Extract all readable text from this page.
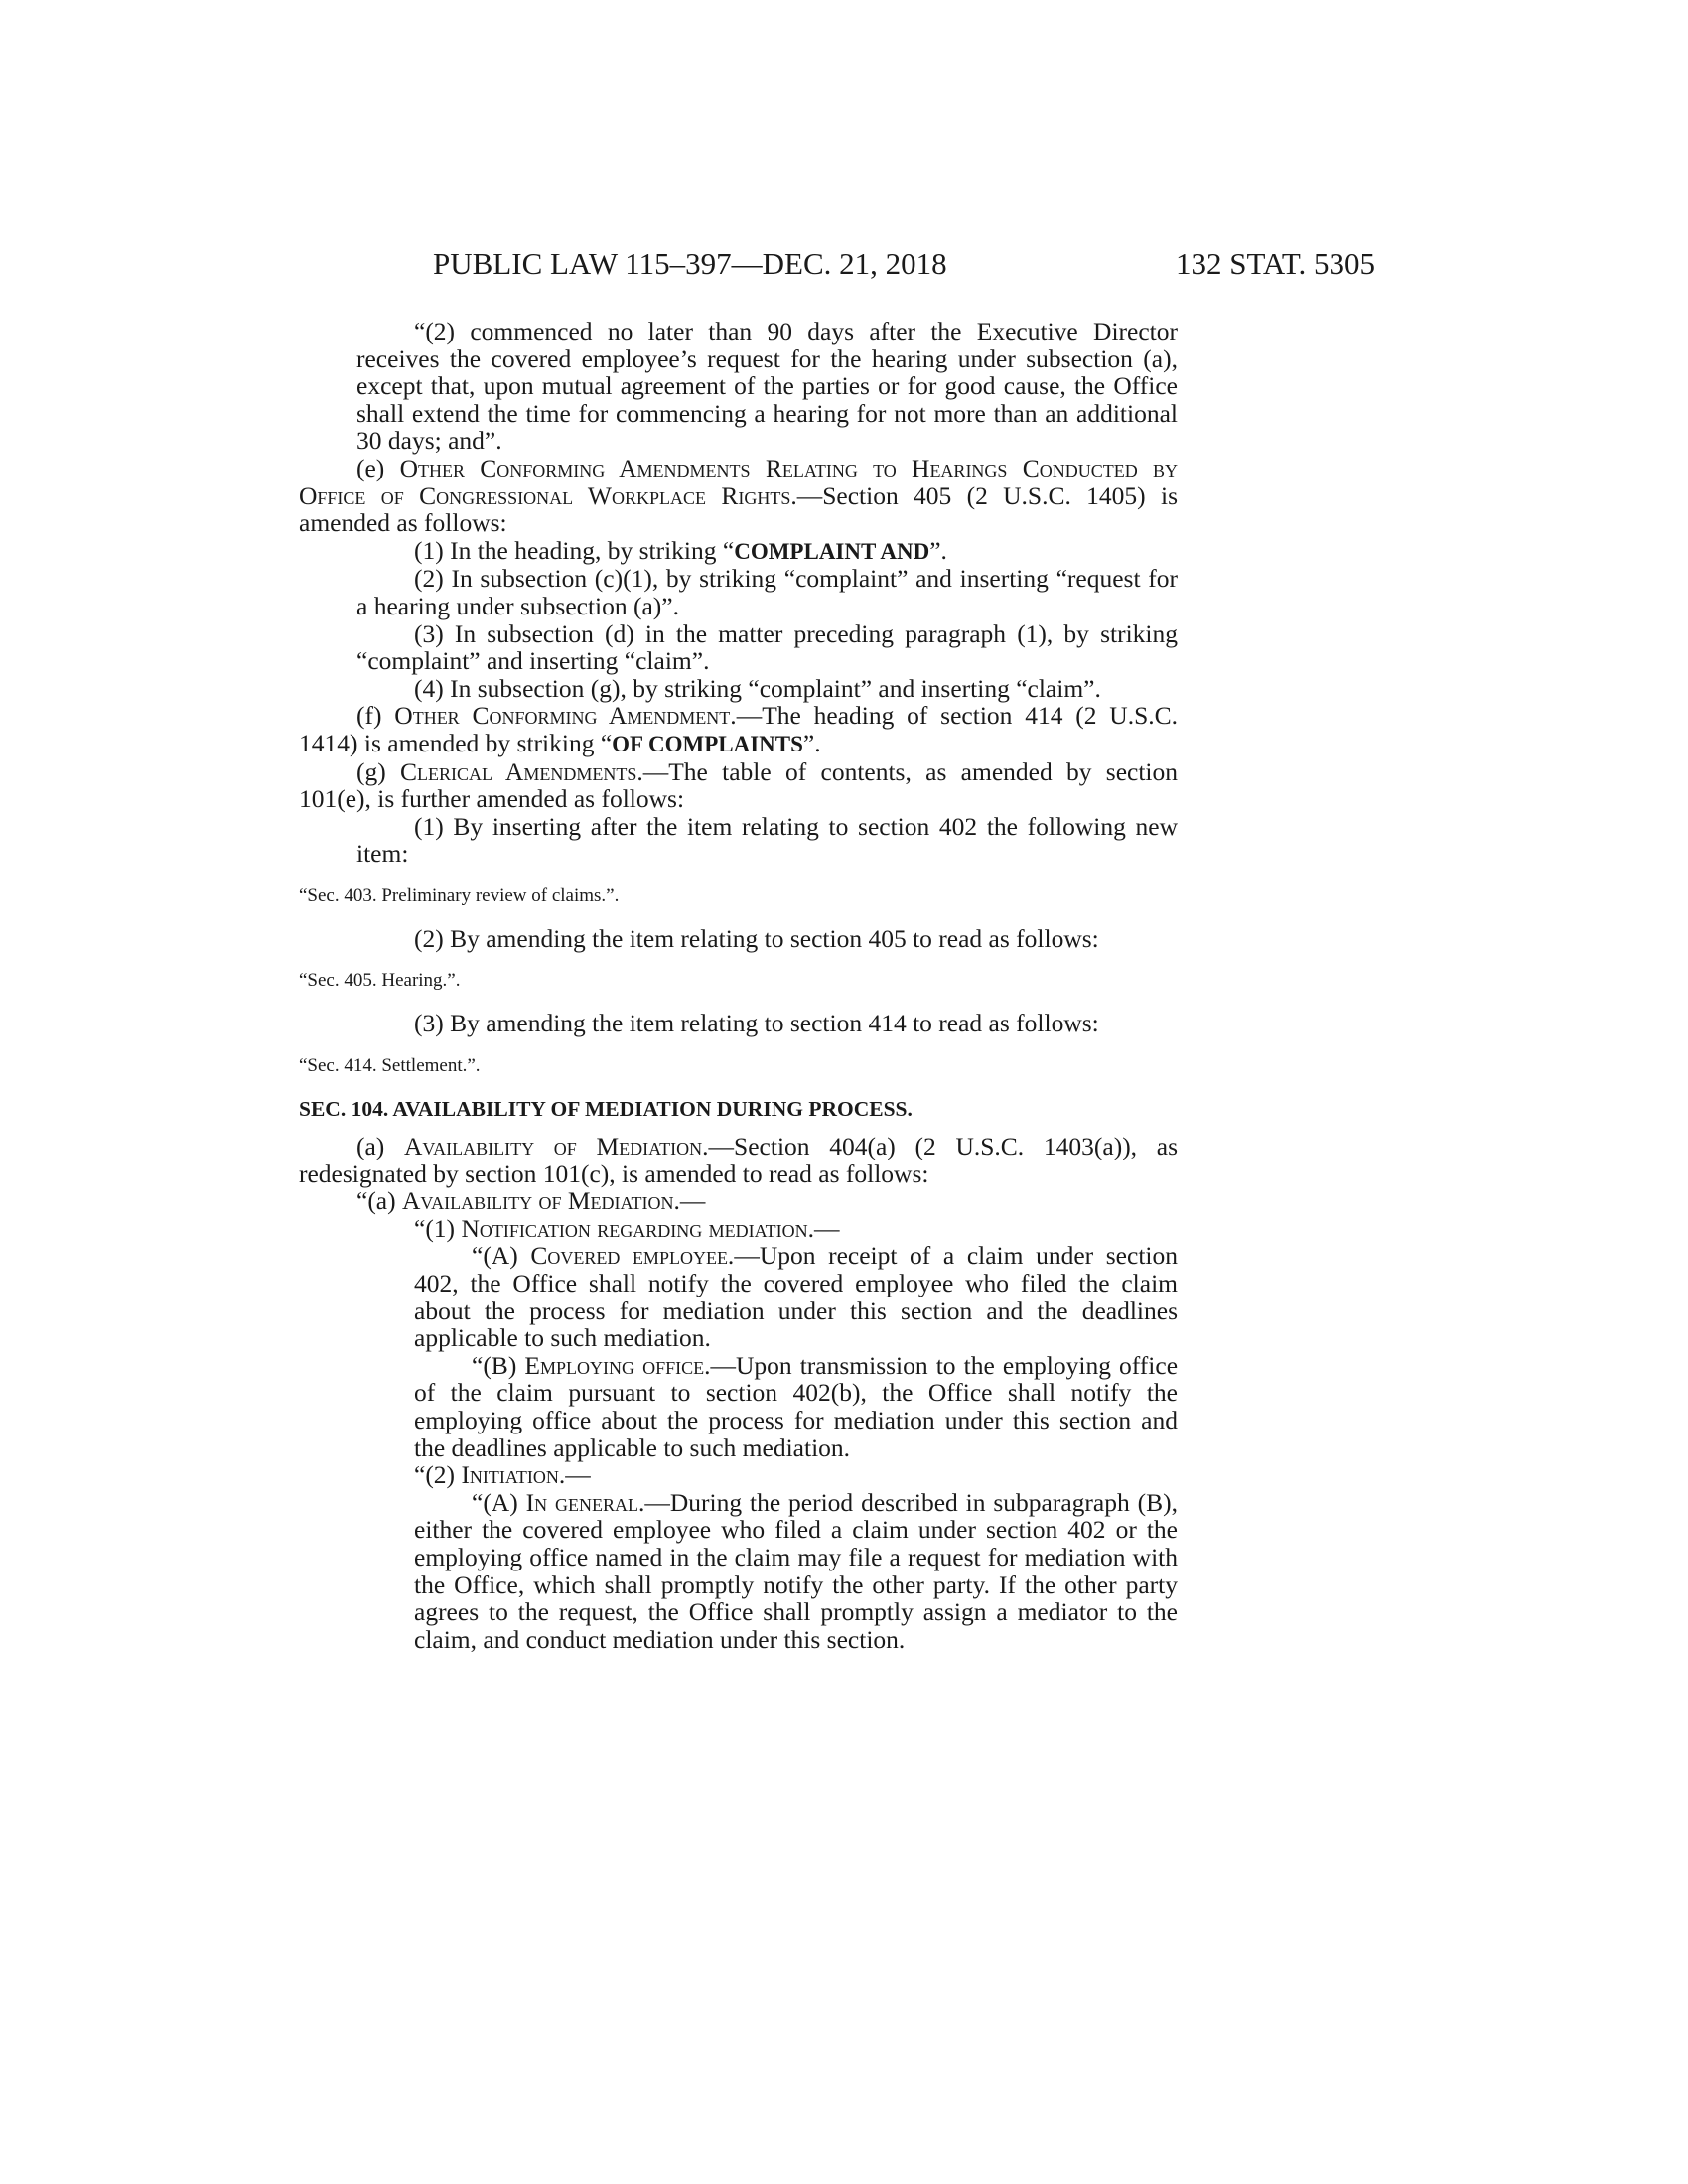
PUBLIC LAW 115–397—DEC. 21, 2018	132 STAT. 5305

“(2) commenced no later than 90 days after the Executive Director receives the covered employee’s request for the hearing under subsection (a), except that, upon mutual agreement of the parties or for good cause, the Office shall extend the time for commencing a hearing for not more than an additional 30 days; and”.

(e) Other Conforming Amendments Relating to Hearings Conducted by Office of Congressional Workplace Rights.—Section 405 (2 U.S.C. 1405) is amended as follows:

(1) In the heading, by striking “COMPLAINT AND”.

(2) In subsection (c)(1), by striking “complaint” and inserting “request for a hearing under subsection (a)”.

(3) In subsection (d) in the matter preceding paragraph (1), by striking “complaint” and inserting “claim”.

(4) In subsection (g), by striking “complaint” and inserting “claim”.

(f) Other Conforming Amendment.—The heading of section 414 (2 U.S.C. 1414) is amended by striking “OF COMPLAINTS”.

(g) Clerical Amendments.—The table of contents, as amended by section 101(e), is further amended as follows:

(1) By inserting after the item relating to section 402 the following new item:

“Sec. 403. Preliminary review of claims.”.

(2) By amending the item relating to section 405 to read as follows:

“Sec. 405. Hearing.”.

(3) By amending the item relating to section 414 to read as follows:

“Sec. 414. Settlement.”.

SEC. 104. AVAILABILITY OF MEDIATION DURING PROCESS.

(a) Availability of Mediation.—Section 404(a) (2 U.S.C. 1403(a)), as redesignated by section 101(c), is amended to read as follows:

“(a) Availability of Mediation.—

“(1) Notification regarding mediation.—

“(A) Covered employee.—Upon receipt of a claim under section 402, the Office shall notify the covered employee who filed the claim about the process for mediation under this section and the deadlines applicable to such mediation.

“(B) Employing office.—Upon transmission to the employing office of the claim pursuant to section 402(b), the Office shall notify the employing office about the process for mediation under this section and the deadlines applicable to such mediation.

“(2) Initiation.—

“(A) In general.—During the period described in subparagraph (B), either the covered employee who filed a claim under section 402 or the employing office named in the claim may file a request for mediation with the Office, which shall promptly notify the other party. If the other party agrees to the request, the Office shall promptly assign a mediator to the claim, and conduct mediation under this section.
